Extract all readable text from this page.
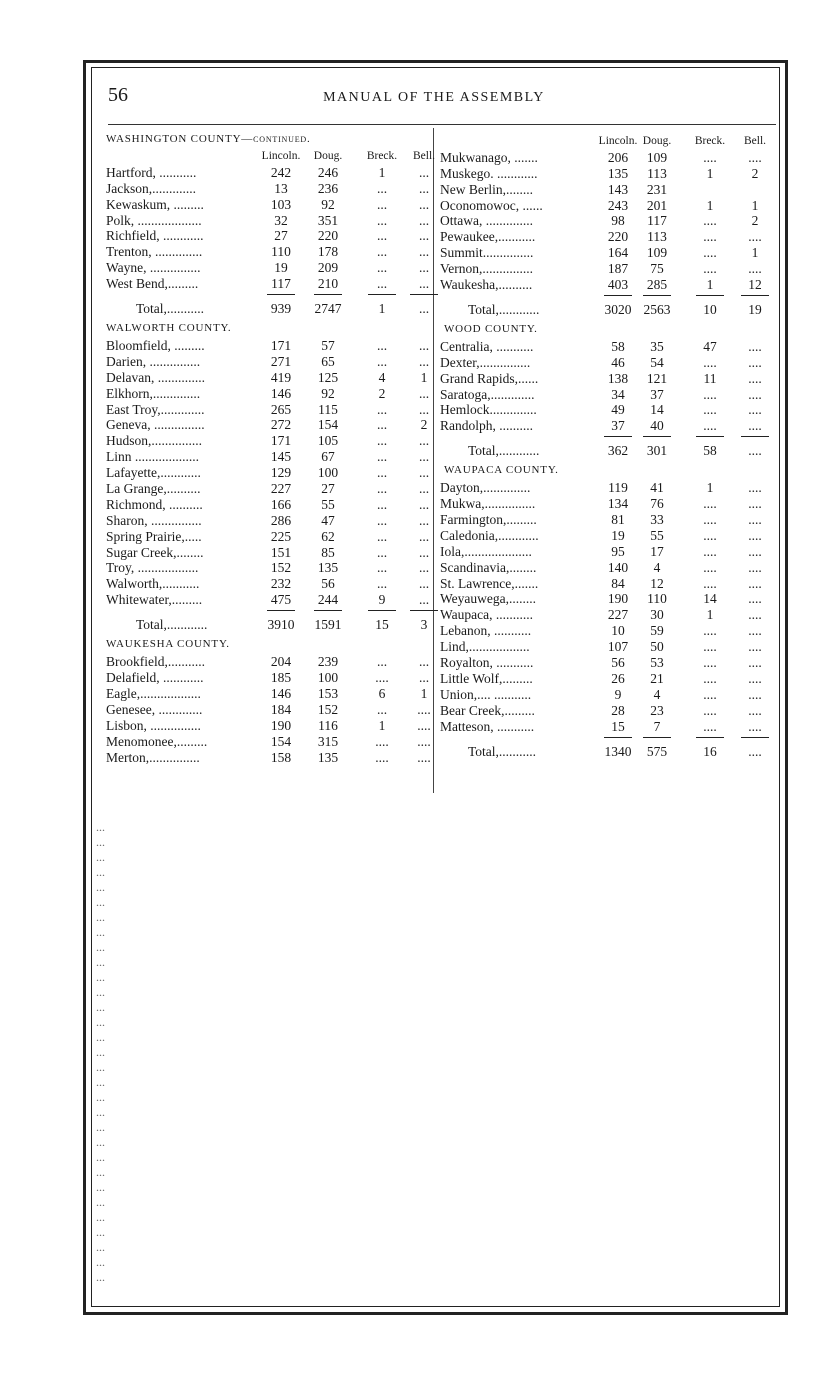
56	MANUAL OF THE ASSEMBLY
WASHINGTON COUNTY—continued.
Lincoln.	Doug.	Breck.	Bell.
Hartford, ...........	242	246	1	...
Jackson,.............	13	236	...	...
Kewaskum, .........	103	92	...	...
Polk, ...................	32	351	...	...
Richfield, ............	27	220	...	...
Trenton, ..............	110	178	...	...
Wayne, ...............	19	209	...	...
West Bend,.........	117	210	...	...
Total,...........	939	2747	1	...
WALWORTH COUNTY.
Bloomfield, .........	171	57	...	...
Darien, ...............	271	65	...	...
Delavan, ..............	419	125	4	1
Elkhorn,..............	146	92	2	...
East Troy,.............	265	115	...	...
Geneva, ...............	272	154	...	2
Hudson,...............	171	105	...	...
Linn ...................	145	67	...	...
Lafayette,............	129	100	...	...
La Grange,..........	227	27	...	...
Richmond, ..........	166	55	...	...
Sharon, ...............	286	47	...	...
Spring Prairie,.....	225	62	...	...
Sugar Creek,........	151	85	...	...
Troy, ..................	152	135	...	...
Walworth,...........	232	56	...	...
Whitewater,.........	475	244	9	...
Total,............	3910	1591	15	3
WAUKESHA COUNTY.
Brookfield,...........	204	239	...	...
Delafield, ............	185	100	....	...
Eagle,..................	146	153	6	1
Genesee, .............	184	152	...	....
Lisbon, ...............	190	116	1	....
Menomonee,.........	154	315	....	....
Merton,...............	158	135	....	....
Lincoln. Doug.	Breck.	Bell.
Mukwanago, .......	206	109	....	....
Muskego. ............	135	113	1	2
New Berlin,........	143	231
Oconomowoc, ......	243	201	1	1
Ottawa, ..............	98	117	....	2
Pewaukee,...........	220	113	....	....
Summit...............	164	109	....	1
Vernon,...............	187	75	....	....
Waukesha,..........	403	285	1	12
Total,............	3020 2563	10	19
WOOD COUNTY.
Centralia, ...........	58	35	47	....
Dexter,...............	46	54	....	....
Grand Rapids,......	138	121	11	....
Saratoga,.............	34	37	....	....
Hemlock..............	49	14	....	....
Randolph, ..........	37	40	....	....
Total,............	362	301	58	....
WAUPACA COUNTY.
Dayton,..............	119	41	1	....
Mukwa,...............	134	76	....	....
Farmington,.........	81	33	....	....
Caledonia,............	19	55	....	....
Iola,....................	95	17	....	....
Scandinavia,........	140	4	....	....
St. Lawrence,.......	84	12	....	....
Weyauwega,........	190	110	14	....
Waupaca, ...........	227	30	1	....
Lebanon, ...........	10	59	....	....
Lind,..................	107	50	....	....
Royalton, ...........	56	53	....	....
Little Wolf,.........	26	21	....	....
Union,.... ...........	9	4	....	....
Bear Creek,.........	28	23	....	....
Matteson, ...........	15	7	....	....
Total,...........	1340	575	16	....
...
...
...
...
...
...
...
...
...
...
...
...
...
...
...
...
...
...
...
...
...
...
...
...
...
...
...
...
...
...
...
